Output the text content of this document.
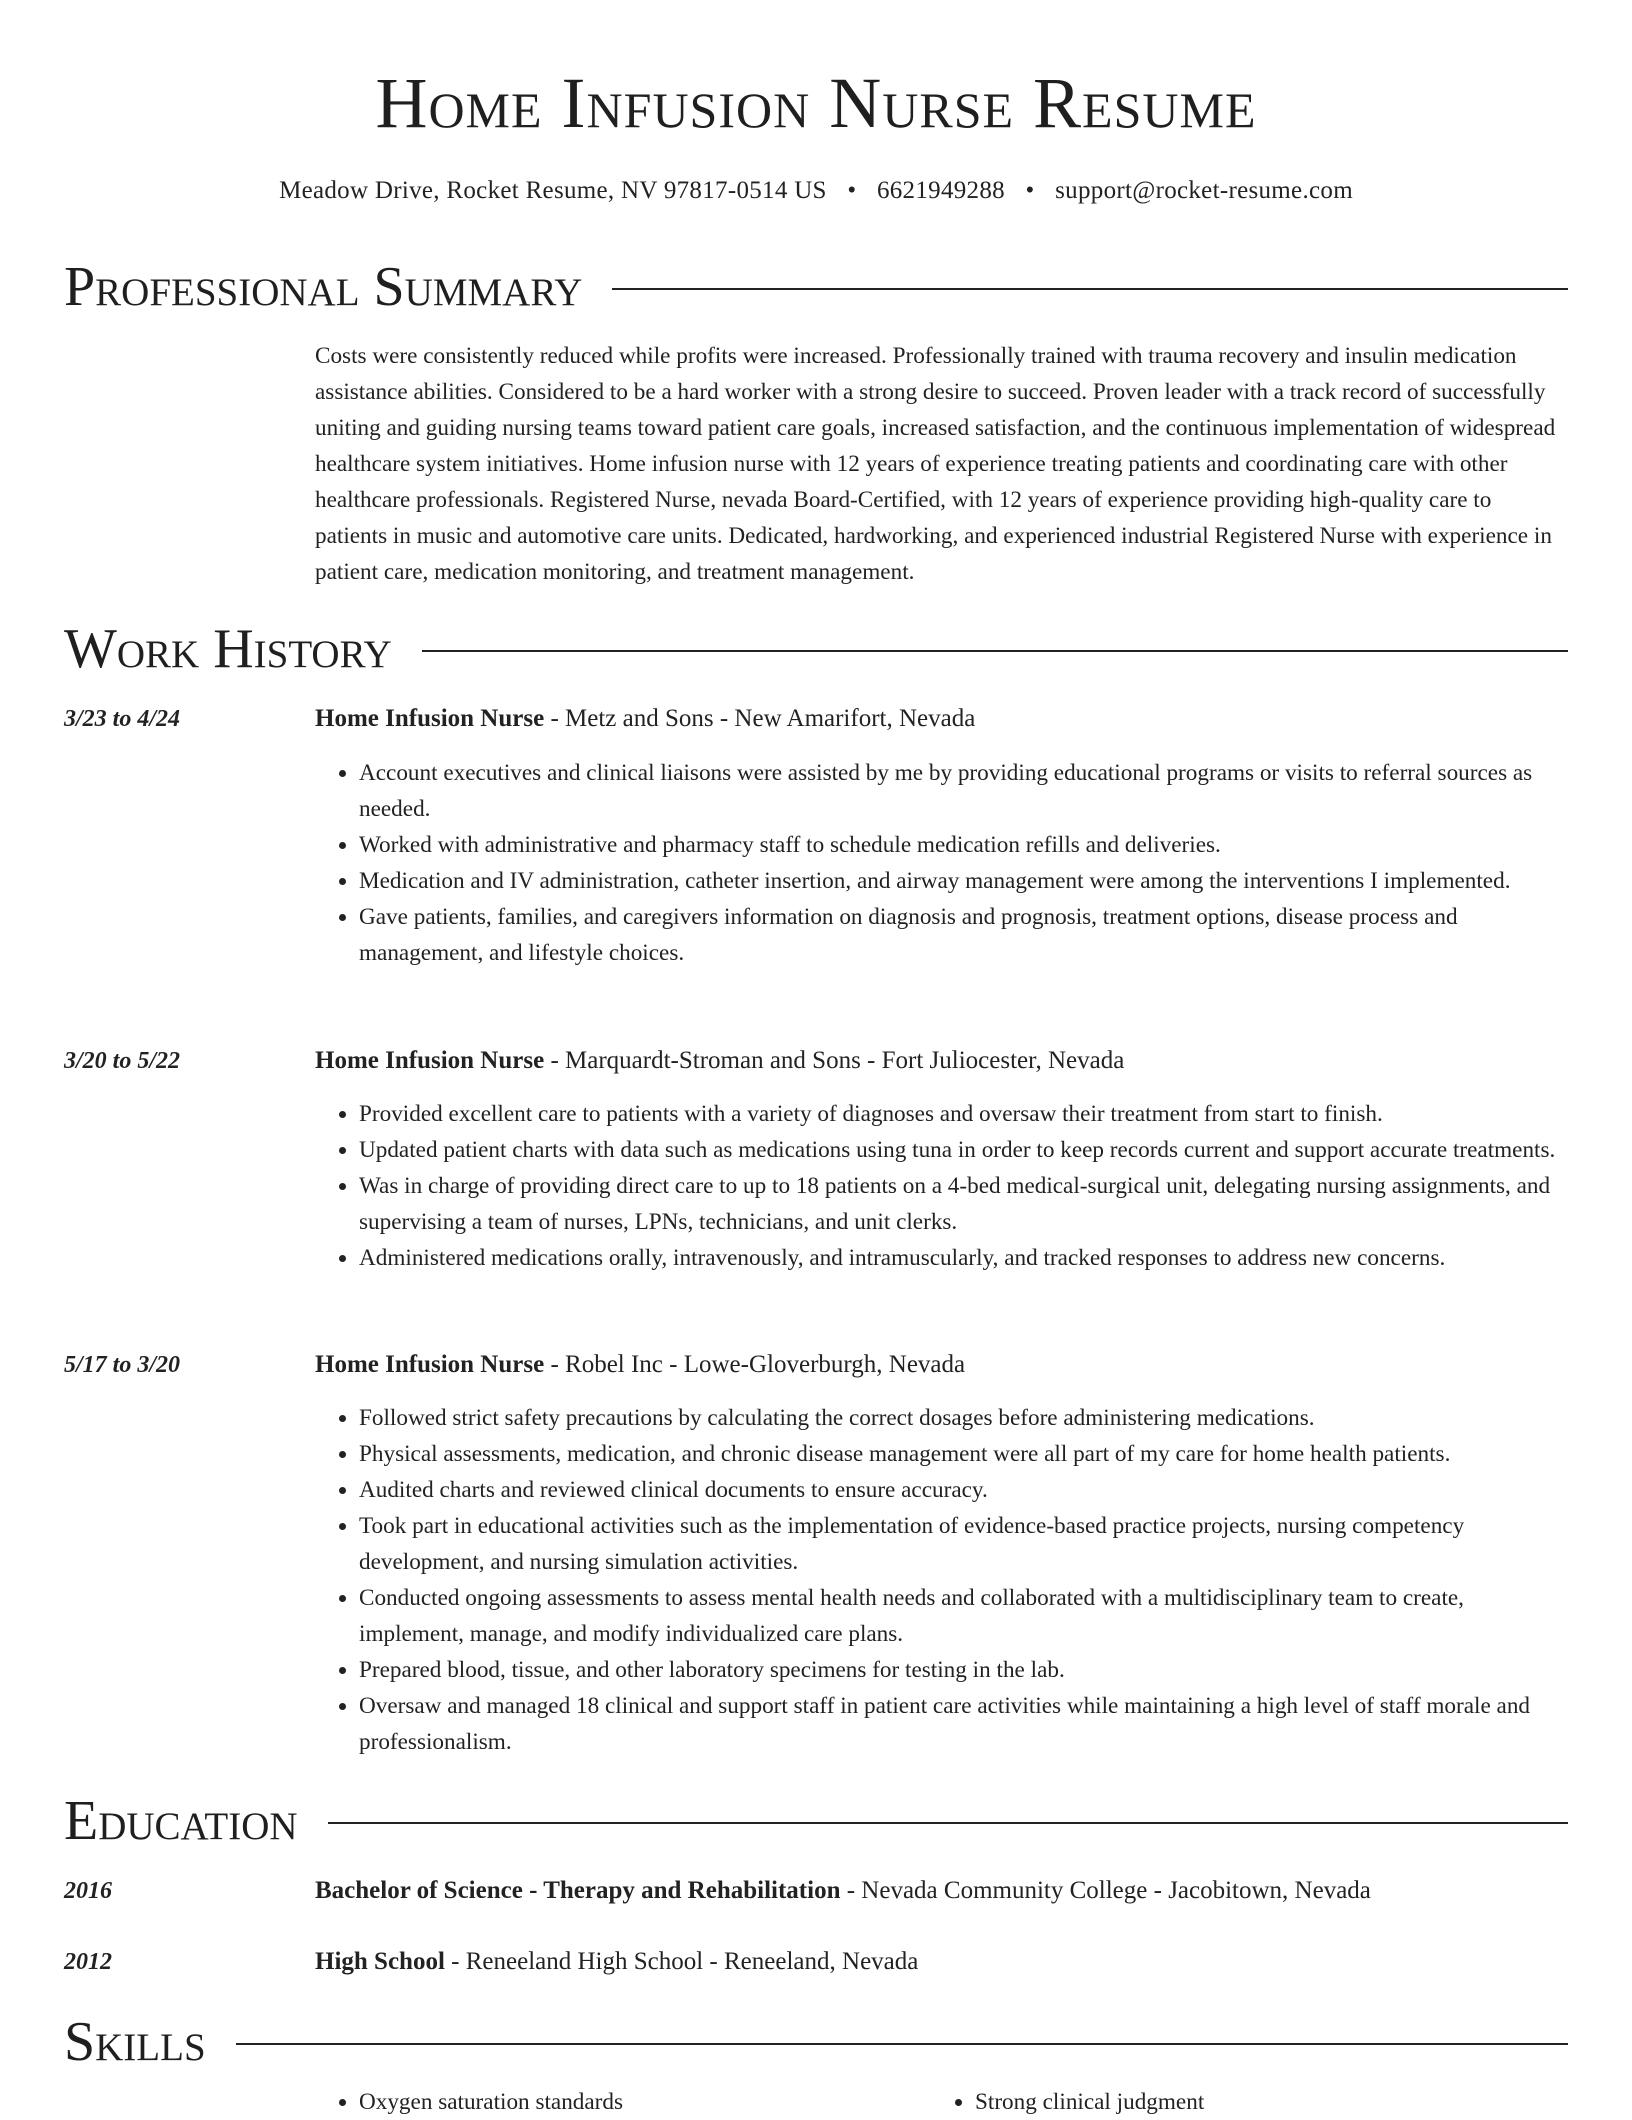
Home Infusion Nurse Resume
Meadow Drive, Rocket Resume, NV 97817-0514 US • 6621949288 • support@rocket-resume.com
Professional Summary

Costs were consistently reduced while profits were increased. Professionally trained with trauma recovery and insulin medication assistance abilities. Considered to be a hard worker with a strong desire to succeed. Proven leader with a track record of successfully uniting and guiding nursing teams toward patient care goals, increased satisfaction, and the continuous implementation of widespread healthcare system initiatives. Home infusion nurse with 12 years of experience treating patients and coordinating care with other healthcare professionals. Registered Nurse, nevada Board-Certified, with 12 years of experience providing high-quality care to patients in music and automotive care units. Dedicated, hardworking, and experienced industrial Registered Nurse with experience in patient care, medication monitoring, and treatment management.

Work History
3/23 to 4/24	Home Infusion Nurse - Metz and Sons - New Amarifort, Nevada
• Account executives and clinical liaisons were assisted by me by providing educational programs or visits to referral sources as needed.
• Worked with administrative and pharmacy staff to schedule medication refills and deliveries.
• Medication and IV administration, catheter insertion, and airway management were among the interventions I implemented.
• Gave patients, families, and caregivers information on diagnosis and prognosis, treatment options, disease process and management, and lifestyle choices.
3/20 to 5/22	Home Infusion Nurse - Marquardt-Stroman and Sons - Fort Juliocester, Nevada
• Provided excellent care to patients with a variety of diagnoses and oversaw their treatment from start to finish.
• Updated patient charts with data such as medications using tuna in order to keep records current and support accurate treatments.
• Was in charge of providing direct care to up to 18 patients on a 4-bed medical-surgical unit, delegating nursing assignments, and supervising a team of nurses, LPNs, technicians, and unit clerks.
• Administered medications orally, intravenously, and intramuscularly, and tracked responses to address new concerns.
5/17 to 3/20	Home Infusion Nurse - Robel Inc - Lowe-Gloverburgh, Nevada
• Followed strict safety precautions by calculating the correct dosages before administering medications.
• Physical assessments, medication, and chronic disease management were all part of my care for home health patients.
• Audited charts and reviewed clinical documents to ensure accuracy.
• Took part in educational activities such as the implementation of evidence-based practice projects, nursing competency development, and nursing simulation activities.
• Conducted ongoing assessments to assess mental health needs and collaborated with a multidisciplinary team to create, implement, manage, and modify individualized care plans.
• Prepared blood, tissue, and other laboratory specimens for testing in the lab.
• Oversaw and managed 18 clinical and support staff in patient care activities while maintaining a high level of staff morale and professionalism.
Education
2016	Bachelor of Science - Therapy and Rehabilitation - Nevada Community College - Jacobitown, Nevada
2012	High School - Reneeland High School - Reneeland, Nevada
Skills
• Oxygen saturation standards
•	Strong clinical judgment
